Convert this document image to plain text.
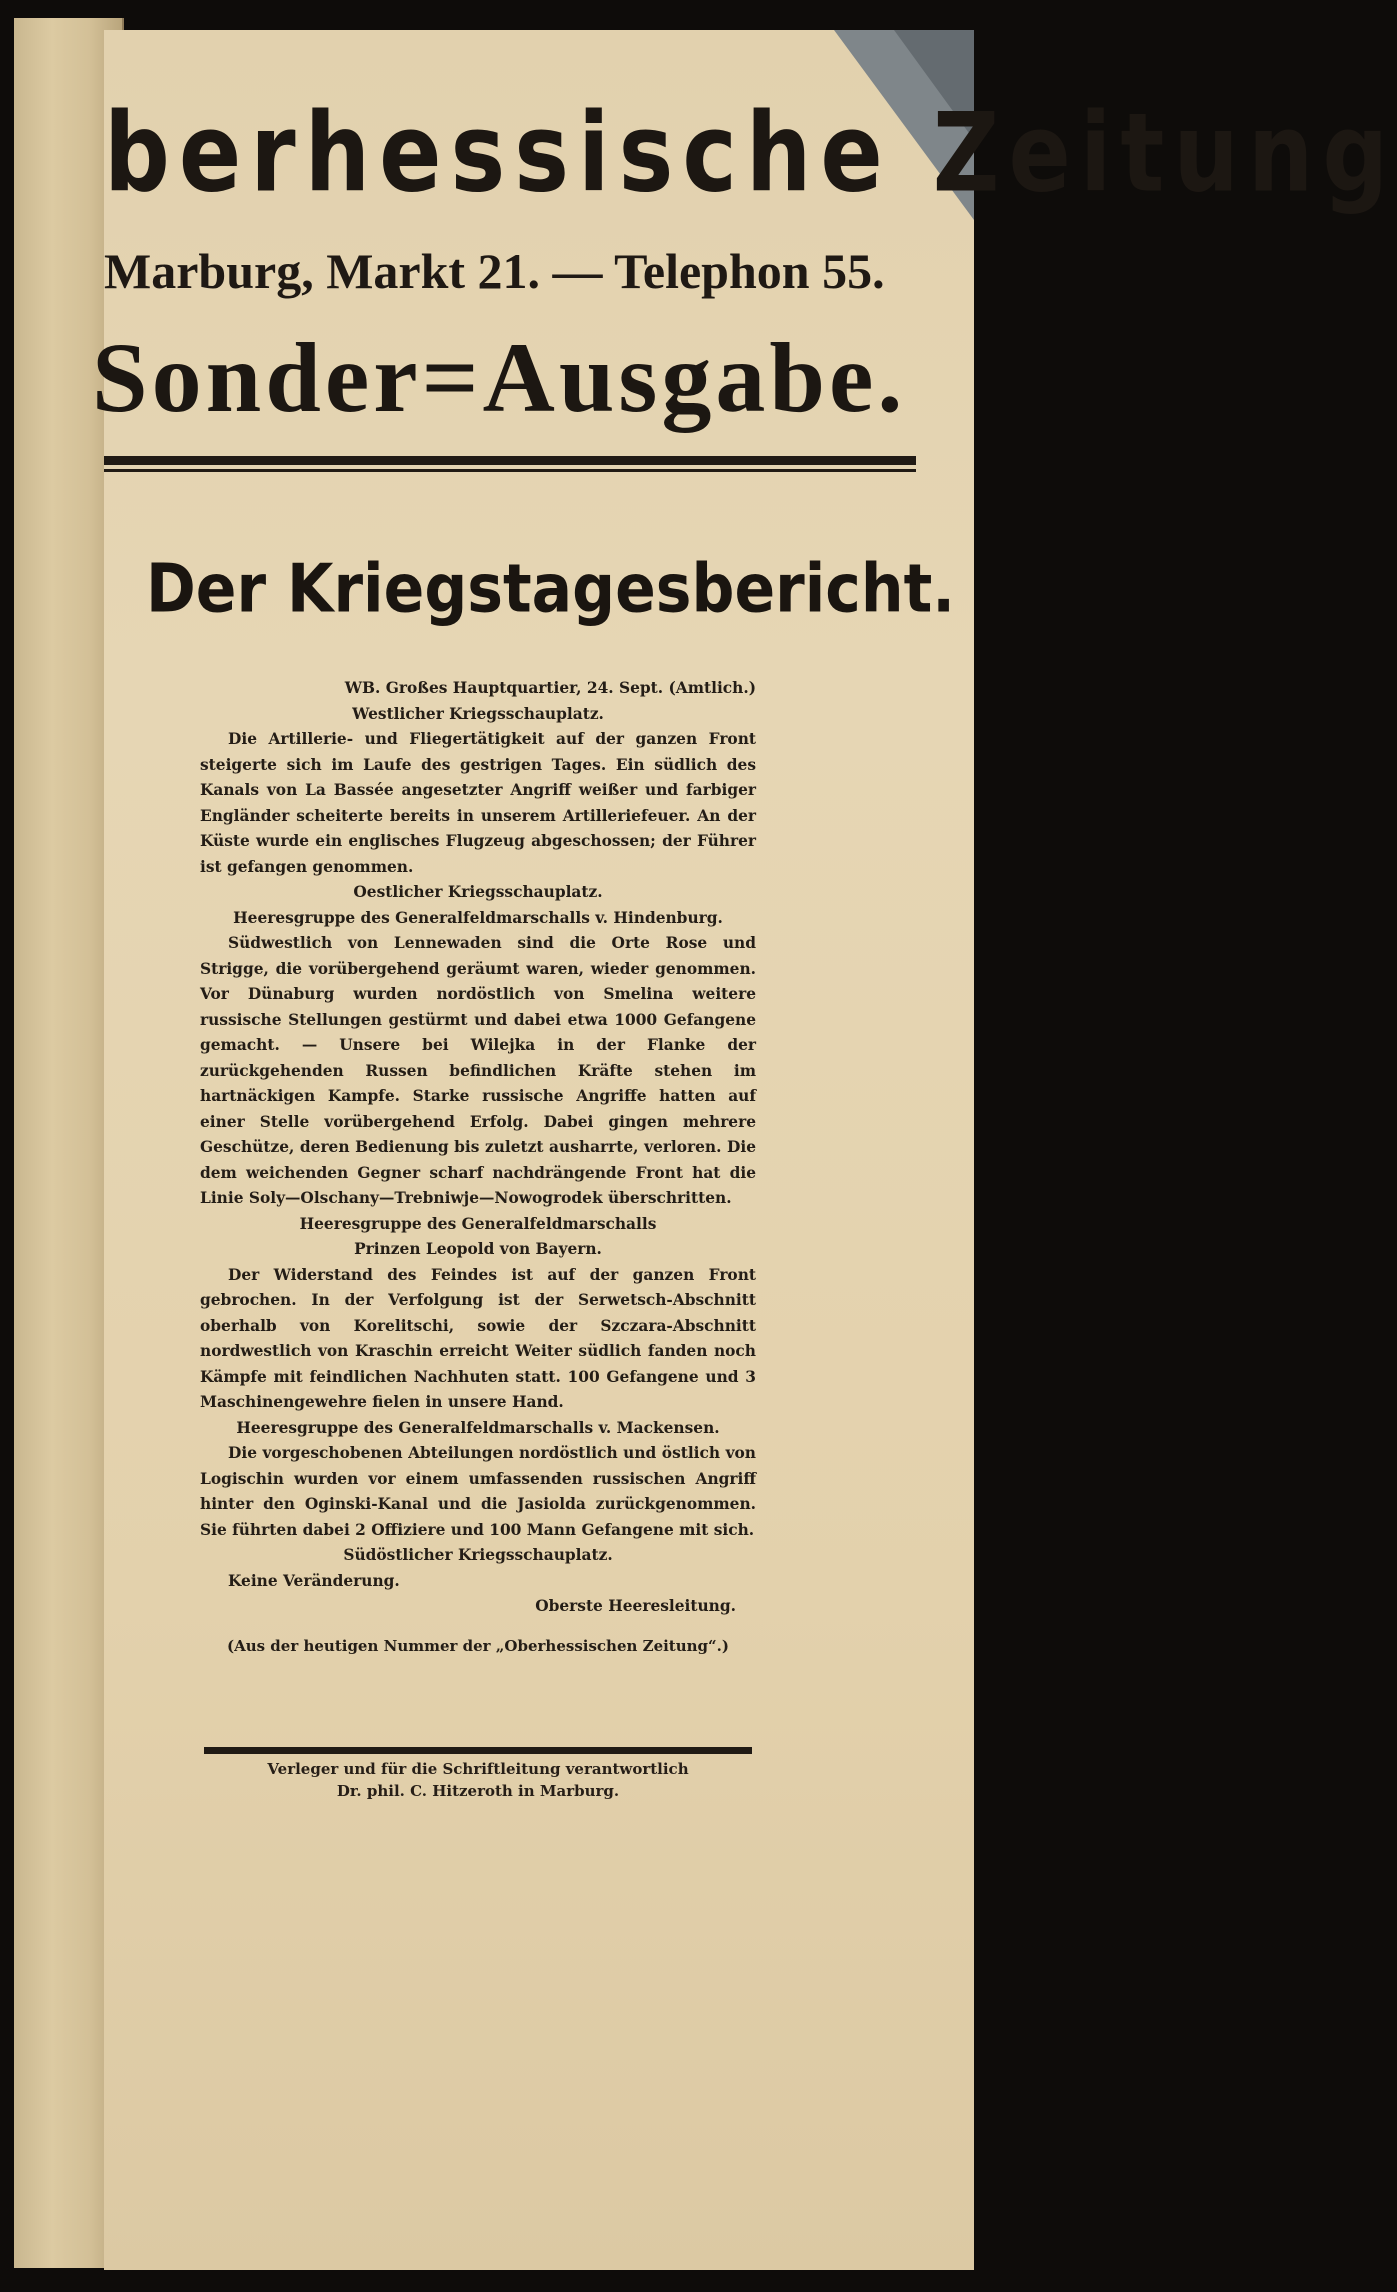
berhessische Zeitung
Marburg, Markt 21. — Telephon 55.
Sonder=Ausgabe.
Der Kriegstagesbericht.
WB. Großes Hauptquartier, 24. Sept. (Amtlich.)
Westlicher Kriegsschauplatz.

Die Artillerie- und Fliegertätigkeit auf der ganzen Front steigerte sich im Laufe des gestrigen Tages. Ein südlich des Kanals von La Bassée angesetzter Angriff weißer und farbiger Engländer scheiterte bereits in unserem Artilleriefeuer. An der Küste wurde ein englisches Flugzeug abgeschossen; der Führer ist gefangen genommen.

Oestlicher Kriegsschauplatz.
Heeresgruppe des Generalfeldmarschalls v. Hindenburg.

Südwestlich von Lennewaden sind die Orte Rose und Strigge, die vorübergehend geräumt waren, wieder genommen. Vor Dünaburg wurden nordöstlich von Smelina weitere russische Stellungen gestürmt und dabei etwa 1000 Gefangene gemacht. — Unsere bei Wilejka in der Flanke der zurückgehenden Russen befindlichen Kräfte stehen im hartnäckigen Kampfe. Starke russische Angriffe hatten auf einer Stelle vorübergehend Erfolg. Dabei gingen mehrere Geschütze, deren Bedienung bis zuletzt ausharrte, verloren. Die dem weichenden Gegner scharf nachdrängende Front hat die Linie Soly—Olschany—Trebniwje—Nowogrodek überschritten.

Heeresgruppe des Generalfeldmarschalls
Prinzen Leopold von Bayern.

Der Widerstand des Feindes ist auf der ganzen Front gebrochen. In der Verfolgung ist der Serwetsch-Abschnitt oberhalb von Korelitschi, sowie der Szczara-Abschnitt nordwestlich von Kraschin erreicht Weiter südlich fanden noch Kämpfe mit feindlichen Nachhuten statt. 100 Gefangene und 3 Maschinengewehre fielen in unsere Hand.

Heeresgruppe des Generalfeldmarschalls v. Mackensen.

Die vorgeschobenen Abteilungen nordöstlich und östlich von Logischin wurden vor einem umfassenden russischen Angriff hinter den Oginski-Kanal und die Jasiolda zurückgenommen. Sie führten dabei 2 Offiziere und 100 Mann Gefangene mit sich.

Südöstlicher Kriegsschauplatz.
Keine Veränderung.
Oberste Heeresleitung.
(Aus der heutigen Nummer der „Oberhessischen Zeitung“.)
Verleger und für die Schriftleitung verantwortlich
Dr. phil. C. Hitzeroth in Marburg.
